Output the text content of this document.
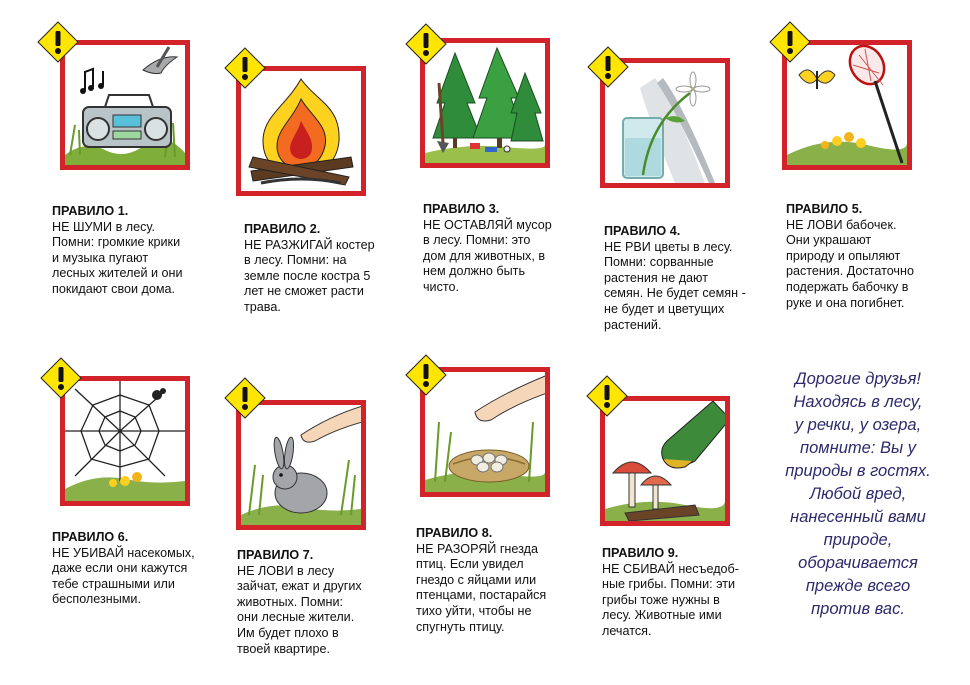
ПРАВИЛО 1.
НЕ ШУМИ в лесу.
Помни: громкие крики
и музыка пугают
лесных жителей и они
покидают свои дома.
ПРАВИЛО 2.
НЕ РАЗЖИГАЙ костер
в лесу. Помни: на
земле после костра 5
лет не сможет расти
трава.
ПРАВИЛО 3.
НЕ ОСТАВЛЯЙ мусор
в лесу. Помни: это
дом для животных, в
нем должно быть
чисто.
ПРАВИЛО 4.
НЕ РВИ цветы в лесу.
Помни: сорванные
растения не дают
семян. Не будет семян -
не будет и цветущих
растений.
ПРАВИЛО 5.
НЕ ЛОВИ бабочек.
Они украшают
природу и опыляют
растения. Достаточно
подержать бабочку в
руке и она погибнет.
ПРАВИЛО 6.
НЕ УБИВАЙ насекомых,
даже если они кажутся
тебе страшными или
бесполезными.
ПРАВИЛО 7.
НЕ ЛОВИ в лесу
зайчат, ежат и других
животных. Помни:
они лесные жители.
Им будет плохо в
твоей квартире.
ПРАВИЛО 8.
НЕ РАЗОРЯЙ гнезда
птиц. Если увидел
гнездо с яйцами или
птенцами, постарайся
тихо уйти, чтобы не
спугнуть птицу.
ПРАВИЛО 9.
НЕ СБИВАЙ несъедоб-
ные грибы. Помни: эти
грибы тоже нужны в
лесу. Животные ими
лечатся.
Дорогие друзья!
Находясь в лесу,
у речки, у озера,
помните: Вы у
природы в гостях.
Любой вред,
нанесенный вами
природе,
оборачивается
прежде всего
против вас.
